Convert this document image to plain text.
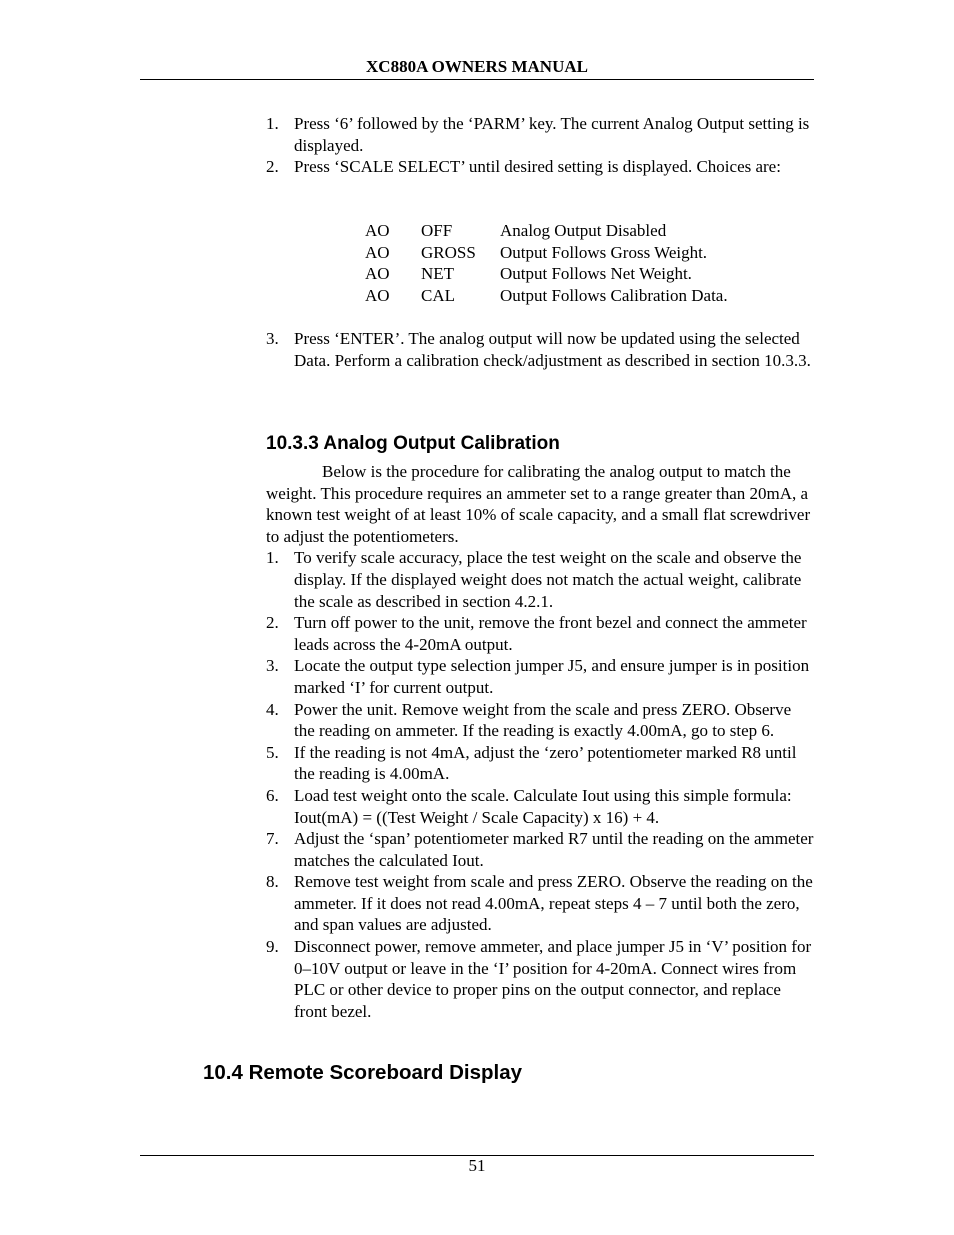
XC880A OWNERS MANUAL
1. Press ‘6’ followed by the ‘PARM’ key. The current Analog Output setting is displayed.
2. Press ‘SCALE SELECT’ until desired setting is displayed. Choices are:
AO	OFF	Analog Output Disabled
AO	GROSS	Output Follows Gross Weight.
AO	NET	Output Follows Net Weight.
AO	CAL	Output Follows Calibration Data.
3. Press ‘ENTER’. The analog output will now be updated using the selected Data. Perform a calibration check/adjustment as described in section 10.3.3.
10.3.3 Analog Output Calibration
Below is the procedure for calibrating the analog output to match the weight. This procedure requires an ammeter set to a range greater than 20mA, a known test weight of at least 10% of scale capacity, and a small flat screwdriver to adjust the potentiometers.
1. To verify scale accuracy, place the test weight on the scale and observe the display. If the displayed weight does not match the actual weight, calibrate the scale as described in section 4.2.1.
2. Turn off power to the unit, remove the front bezel and connect the ammeter leads across the 4-20mA output.
3. Locate the output type selection jumper J5, and ensure jumper is in position marked ‘I’ for current output.
4. Power the unit. Remove weight from the scale and press ZERO. Observe the reading on ammeter. If the reading is exactly 4.00mA, go to step 6.
5. If the reading is not 4mA, adjust the ‘zero’ potentiometer marked R8 until the reading is 4.00mA.
6. Load test weight onto the scale. Calculate Iout using this simple formula: Iout(mA) = ((Test Weight / Scale Capacity) x 16) + 4.
7. Adjust the ‘span’ potentiometer marked R7 until the reading on the ammeter matches the calculated Iout.
8. Remove test weight from scale and press ZERO. Observe the reading on the ammeter. If it does not read 4.00mA, repeat steps 4 – 7 until both the zero, and span values are adjusted.
9. Disconnect power, remove ammeter, and place jumper J5 in ‘V’ position for 0–10V output or leave in the ‘I’ position for 4-20mA. Connect wires from PLC or other device to proper pins on the output connector, and replace front bezel.
10.4 Remote Scoreboard Display
51
